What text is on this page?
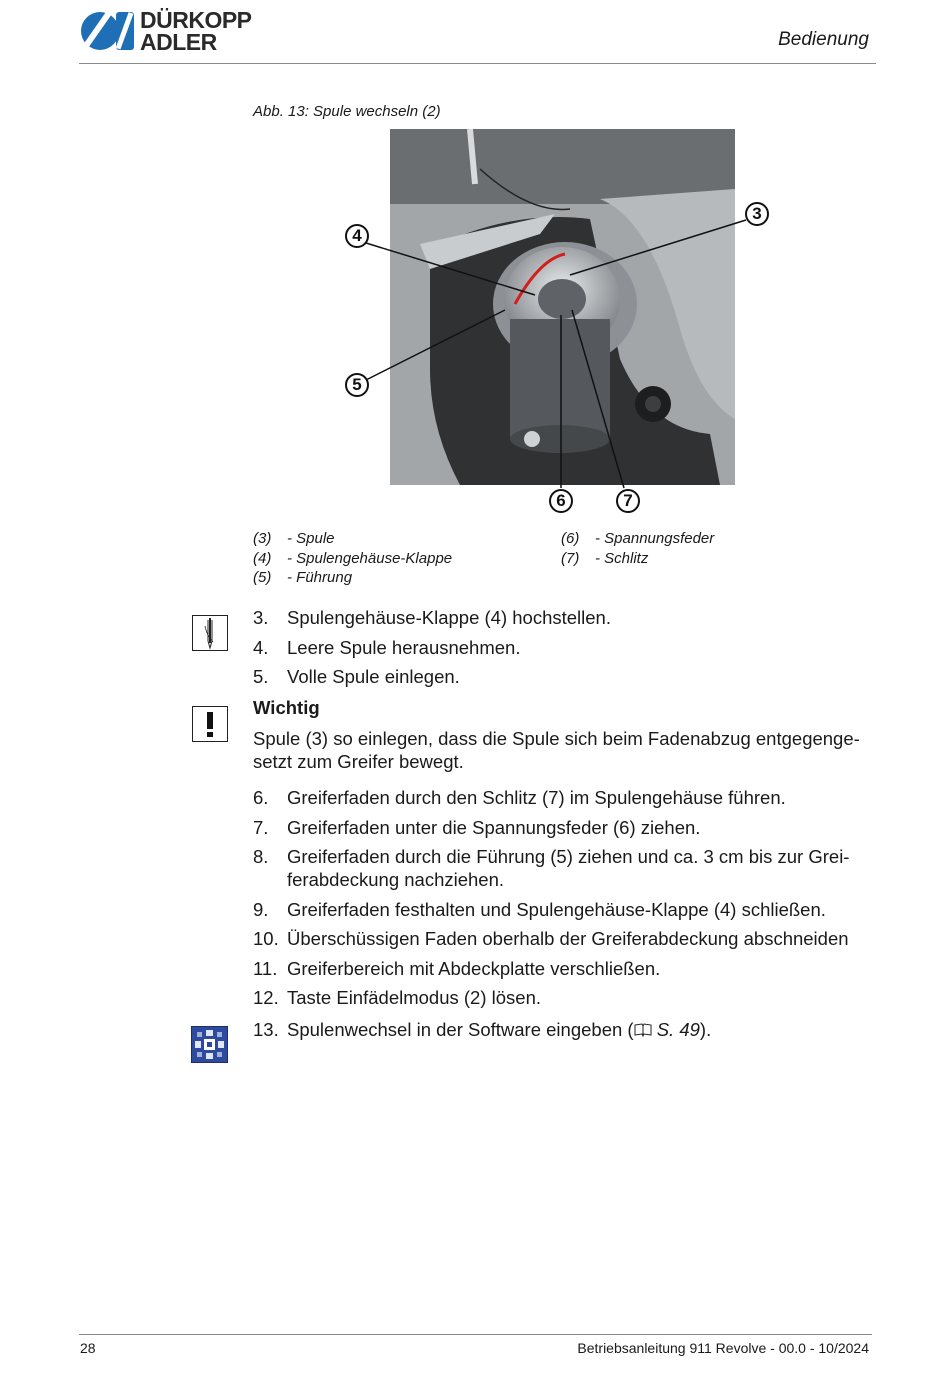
DÜRKOPP
ADLER	Bedienung
Abb. 13: Spule wechseln (2)
4
3
5
6	7
(3) - Spule
(4) - Spulengehäuse-Klappe
(5) - Führung
(6) - Spannungsfeder
(7) - Schlitz
3. Spulengehäuse-Klappe (4) hochstellen.
4. Leere Spule herausnehmen.
5. Volle Spule einlegen.
Wichtig
Spule (3) so einlegen, dass die Spule sich beim Fadenabzug entgegenge-setzt zum Greifer bewegt.
6. Greiferfaden durch den Schlitz (7) im Spulengehäuse führen.
7. Greiferfaden unter die Spannungsfeder (6) ziehen.
8. Greiferfaden durch die Führung (5) ziehen und ca. 3 cm bis zur Grei-ferabdeckung nachziehen.
9. Greiferfaden festhalten und Spulengehäuse-Klappe (4) schließen.
10. Überschüssigen Faden oberhalb der Greiferabdeckung abschneiden
11. Greiferbereich mit Abdeckplatte verschließen.
12. Taste Einfädelmodus (2) lösen.
13. Spulenwechsel in der Software eingeben ( S. 49).
28	Betriebsanleitung 911 Revolve - 00.0 - 10/2024
